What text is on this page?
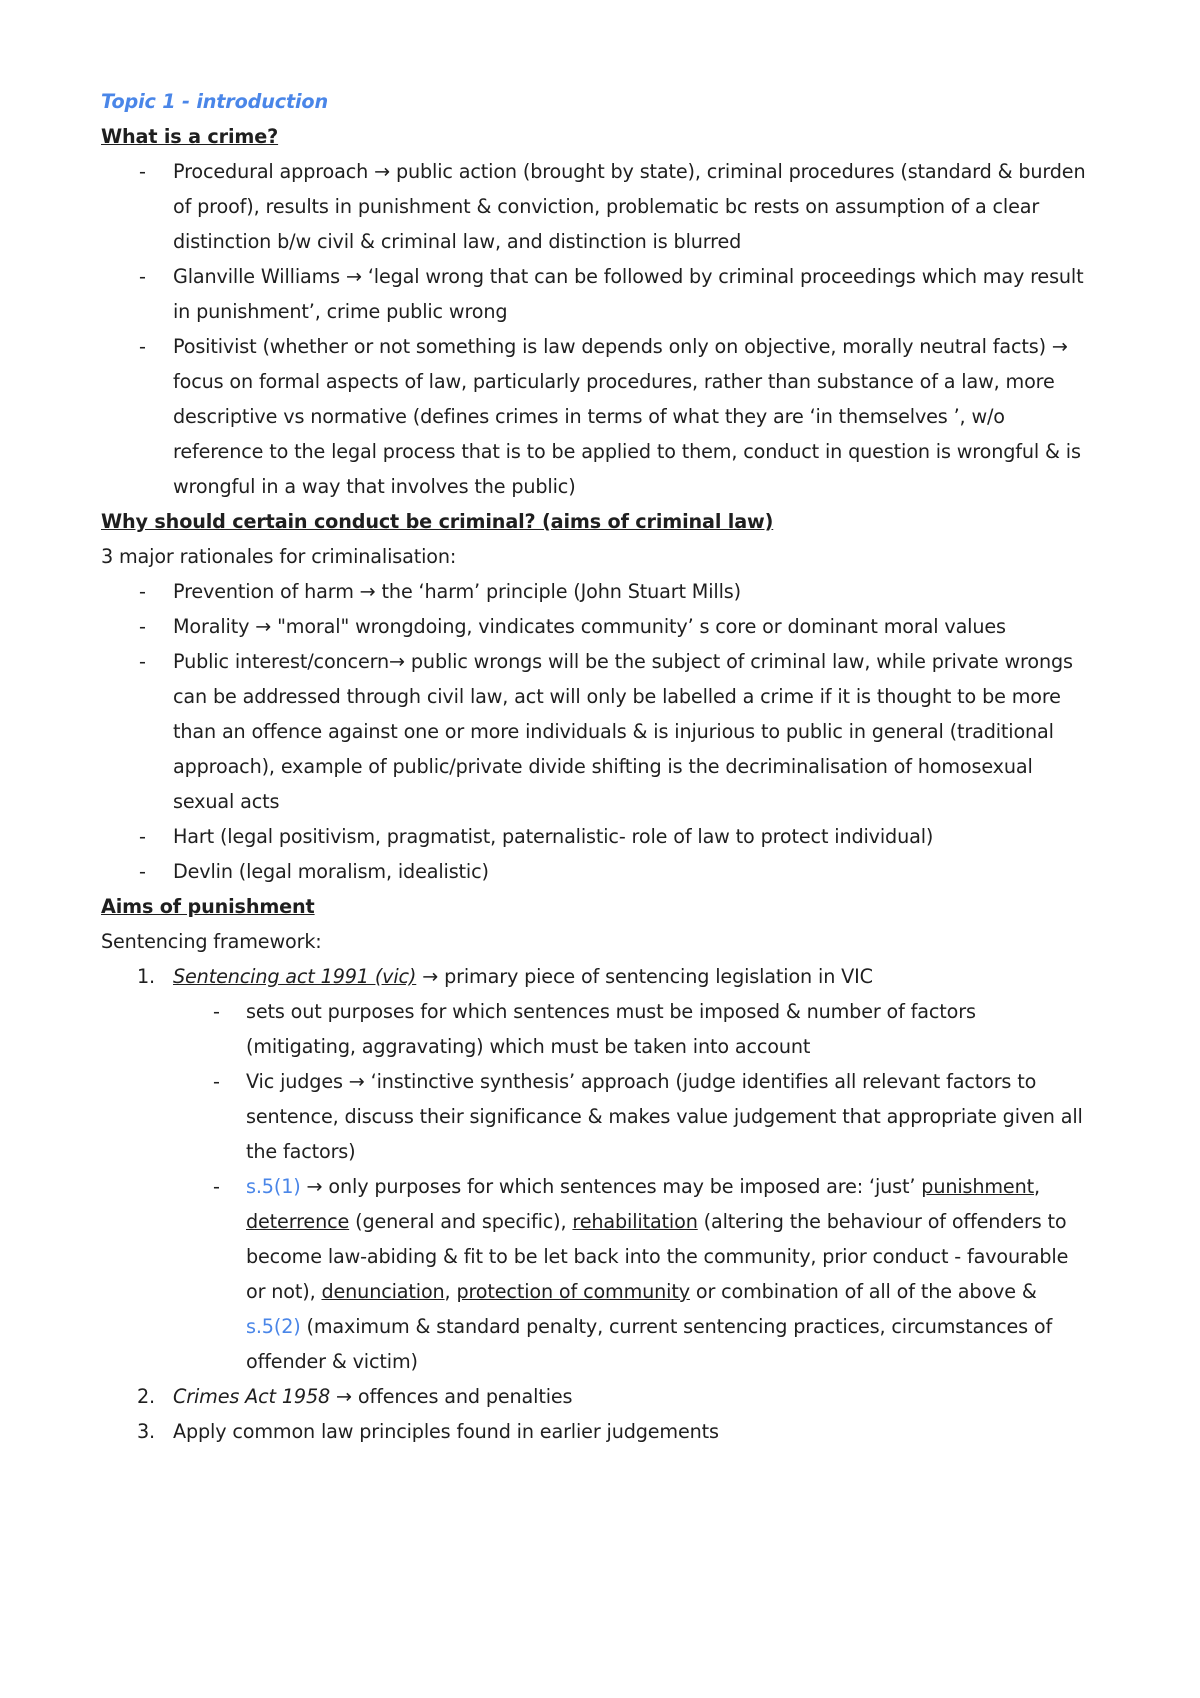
Topic 1 - introduction

What is a crime?

- Procedural approach → public action (brought by state), criminal procedures (standard & burden of proof), results in punishment & conviction, problematic bc rests on assumption of a clear distinction b/w civil & criminal law, and distinction is blurred
- Glanville Williams → ‘legal wrong that can be followed by criminal proceedings which may result in punishment’, crime public wrong
- Positivist (whether or not something is law depends only on objective, morally neutral facts) → focus on formal aspects of law, particularly procedures, rather than substance of a law, more descriptive vs normative (defines crimes in terms of what they are ‘in themselves ’, w/o reference to the legal process that is to be applied to them, conduct in question is wrongful & is wrongful in a way that involves the public)

Why should certain conduct be criminal? (aims of criminal law)

3 major rationales for criminalisation:

- Prevention of harm → the ‘harm’ principle (John Stuart Mills)
- Morality → "moral" wrongdoing, vindicates community’ s core or dominant moral values
- Public interest/concern→ public wrongs will be the subject of criminal law, while private wrongs can be addressed through civil law, act will only be labelled a crime if it is thought to be more than an offence against one or more individuals & is injurious to public in general (traditional approach), example of public/private divide shifting is the decriminalisation of homosexual sexual acts
- Hart (legal positivism, pragmatist, paternalistic- role of law to protect individual)
- Devlin (legal moralism, idealistic)

Aims of punishment

Sentencing framework:

1. Sentencing act 1991 (vic) → primary piece of sentencing legislation in VIC
- sets out purposes for which sentences must be imposed & number of factors (mitigating, aggravating) which must be taken into account
- Vic judges → ‘instinctive synthesis’ approach (judge identifies all relevant factors to sentence, discuss their significance & makes value judgement that appropriate given all the factors)
- s.5(1) → only purposes for which sentences may be imposed are: ‘just’ punishment, deterrence (general and specific), rehabilitation (altering the behaviour of offenders to become law-abiding & fit to be let back into the community, prior conduct - favourable or not), denunciation, protection of community or combination of all of the above & s.5(2) (maximum & standard penalty, current sentencing practices, circumstances of offender & victim)
2. Crimes Act 1958 → offences and penalties
3. Apply common law principles found in earlier judgements
